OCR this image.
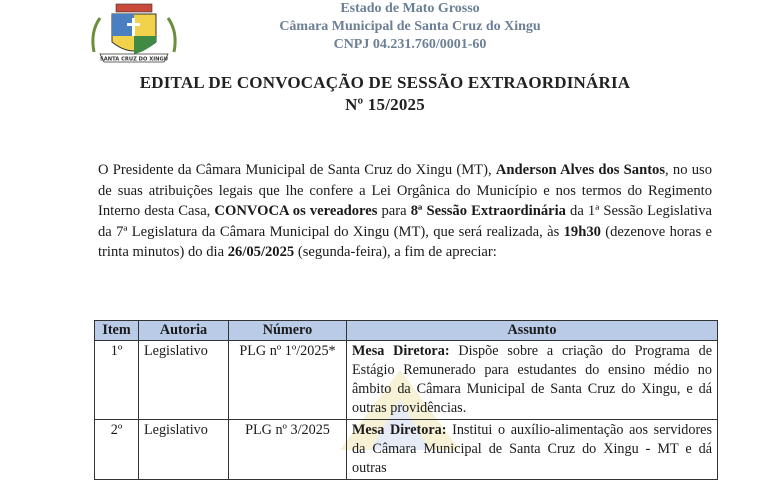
SANTA CRUZ DO XINGU
Estado de Mato Grosso
Câmara Municipal de Santa Cruz do Xingu
CNPJ 04.231.760/0001-60
EDITAL DE CONVOCAÇÃO DE SESSÃO EXTRAORDINÁRIA
Nº 15/2025
O Presidente da Câmara Municipal de Santa Cruz do Xingu (MT), Anderson Alves dos Santos, no uso de suas atribuições legais que lhe confere a Lei Orgânica do Município e nos termos do Regimento Interno desta Casa, CONVOCA os vereadores para 8ª Sessão Extraordinária da 1ª Sessão Legislativa da 7ª Legislatura da Câmara Municipal do Xingu (MT), que será realizada, às 19h30 (dezenove horas e trinta minutos) do dia 26/05/2025 (segunda-feira), a fim de apreciar:
Item	Autoria	Número	Assunto
1º	Legislativo	PLG nº 1º/2025*	Mesa Diretora: Dispõe sobre a criação do Programa de Estágio Remunerado para estudantes do ensino médio no âmbito da Câmara Municipal de Santa Cruz do Xingu, e dá outras providências.
2º	Legislativo	PLG nº 3/2025	Mesa Diretora: Institui o auxílio-alimentação aos servidores da Câmara Municipal de Santa Cruz do Xingu - MT e dá outras
